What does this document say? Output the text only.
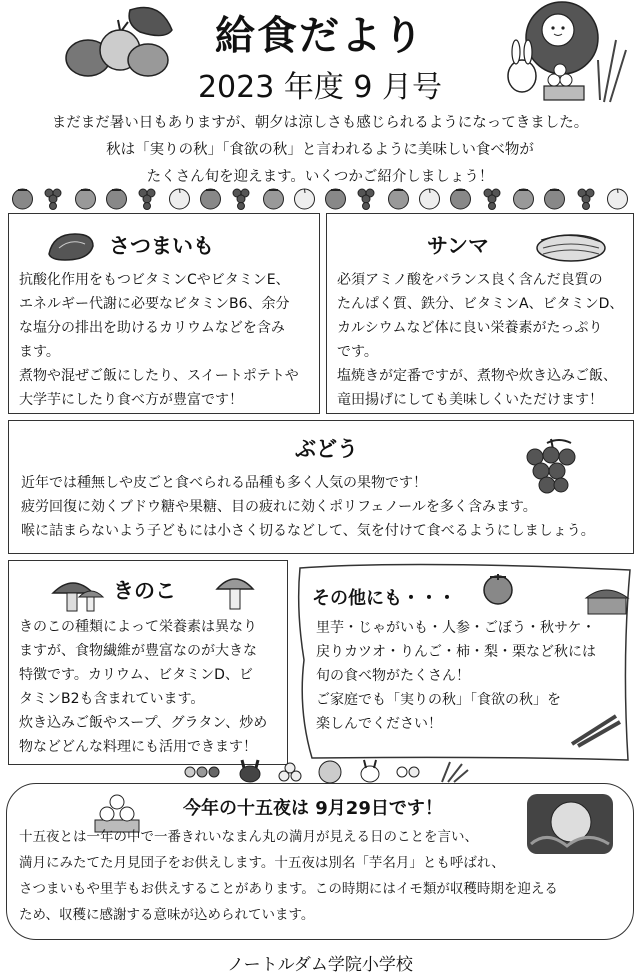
給食だより
2023 年度 9 月号
まだまだ暑い日もありますが、朝夕は涼しさも感じられるようになってきました。
秋は「実りの秋」「食欲の秋」と言われるように美味しい食べ物が
たくさん旬を迎えます。いくつかご紹介しましょう！
さつまいも
抗酸化作用をもつビタミンCやビタミンE、
エネルギー代謝に必要なビタミンB6、余分
な塩分の排出を助けるカリウムなどを含み
ます。
煮物や混ぜご飯にしたり、スイートポテトや
大学芋にしたり食べ方が豊富です！
サンマ
必須アミノ酸をバランス良く含んだ良質の
たんぱく質、鉄分、ビタミンA、ビタミンD、
カルシウムなど体に良い栄養素がたっぷり
です。
塩焼きが定番ですが、煮物や炊き込みご飯、
竜田揚げにしても美味しくいただけます！
ぶどう
近年では種無しや皮ごと食べられる品種も多く人気の果物です！
疲労回復に効くブドウ糖や果糖、目の疲れに効くポリフェノールを多く含みます。
喉に詰まらないよう子どもには小さく切るなどして、気を付けて食べるようにしましょう。
きのこ
きのこの種類によって栄養素は異なり
ますが、食物繊維が豊富なのが大きな
特徴です。カリウム、ビタミンD、ビ
タミンB2も含まれています。
炊き込みご飯やスープ、グラタン、炒め
物などどんな料理にも活用できます！
その他にも・・・
里芋・じゃがいも・人参・ごぼう・秋サケ・
戻りカツオ・りんご・柿・梨・栗など秋には
旬の食べ物がたくさん！
ご家庭でも「実りの秋」「食欲の秋」を
楽しんでください！
今年の十五夜は 9月29日です！
十五夜とは一年の中で一番きれいなまん丸の満月が見える日のことを言い、
満月にみたてた月見団子をお供えします。十五夜は別名「芋名月」とも呼ばれ、
さつまいもや里芋もお供えすることがあります。この時期にはイモ類が収穫時期を迎える
ため、収穫に感謝する意味が込められています。
ノートルダム学院小学校
